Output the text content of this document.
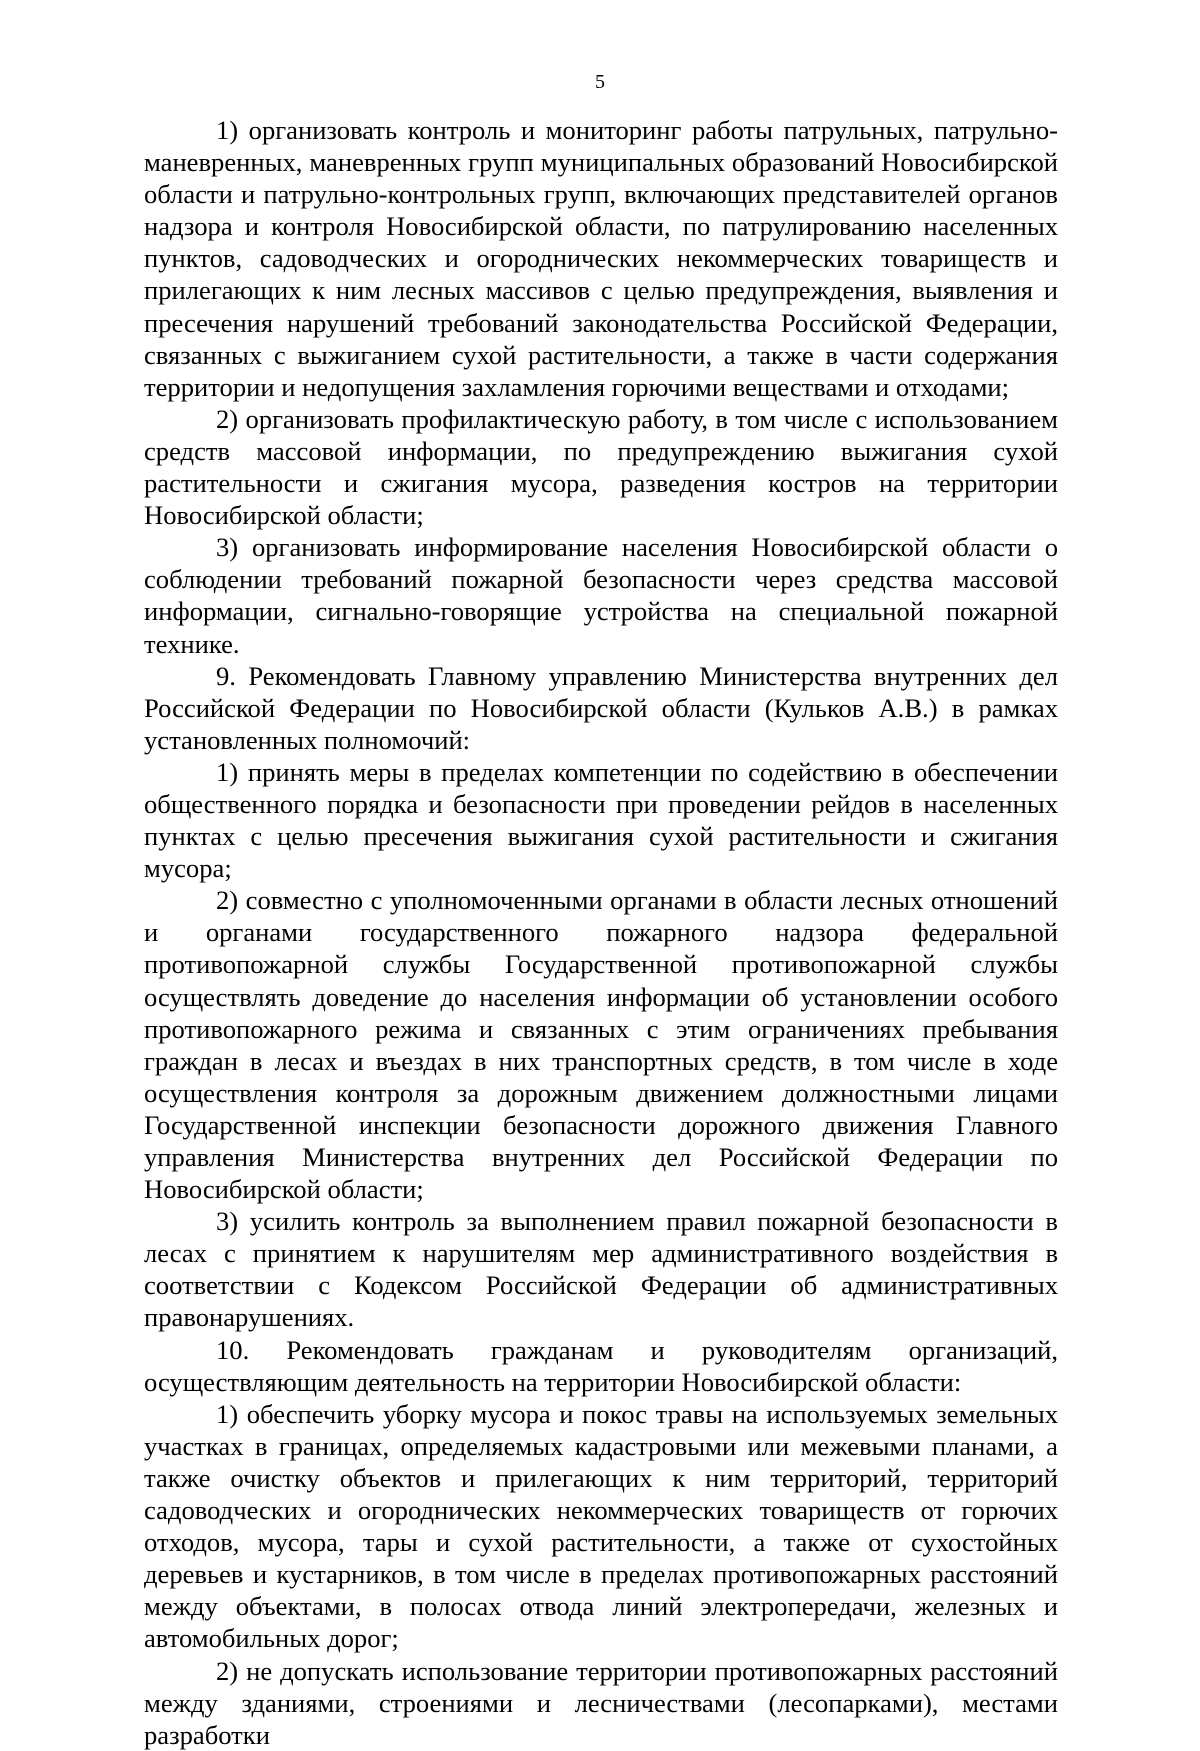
5

1) организовать контроль и мониторинг работы патрульных, патрульно-маневренных, маневренных групп муниципальных образований Новосибирской области и патрульно-контрольных групп, включающих представителей органов надзора и контроля Новосибирской области, по патрулированию населенных пунктов, садоводческих и огороднических некоммерческих товариществ и прилегающих к ним лесных массивов с целью предупреждения, выявления и пресечения нарушений требований законодательства Российской Федерации, связанных с выжиганием сухой растительности, а также в части содержания территории и недопущения захламления горючими веществами и отходами;

2) организовать профилактическую работу, в том числе с использованием средств массовой информации, по предупреждению выжигания сухой растительности и сжигания мусора, разведения костров на территории Новосибирской области;

3) организовать информирование населения Новосибирской области о соблюдении требований пожарной безопасности через средства массовой информации, сигнально-говорящие устройства на специальной пожарной технике.

9. Рекомендовать Главному управлению Министерства внутренних дел Российской Федерации по Новосибирской области (Кульков А.В.) в рамках установленных полномочий:

1) принять меры в пределах компетенции по содействию в обеспечении общественного порядка и безопасности при проведении рейдов в населенных пунктах с целью пресечения выжигания сухой растительности и сжигания мусора;

2) совместно с уполномоченными органами в области лесных отношений и органами государственного пожарного надзора федеральной противопожарной службы Государственной противопожарной службы осуществлять доведение до населения информации об установлении особого противопожарного режима и связанных с этим ограничениях пребывания граждан в лесах и въездах в них транспортных средств, в том числе в ходе осуществления контроля за дорожным движением должностными лицами Государственной инспекции безопасности дорожного движения Главного управления Министерства внутренних дел Российской Федерации по Новосибирской области;

3) усилить контроль за выполнением правил пожарной безопасности в лесах с принятием к нарушителям мер административного воздействия в соответствии с Кодексом Российской Федерации об административных правонарушениях.

10. Рекомендовать гражданам и руководителям организаций, осуществляющим деятельность на территории Новосибирской области:

1) обеспечить уборку мусора и покос травы на используемых земельных участках в границах, определяемых кадастровыми или межевыми планами, а также очистку объектов и прилегающих к ним территорий, территорий садоводческих и огороднических некоммерческих товариществ от горючих отходов, мусора, тары и сухой растительности, а также от сухостойных деревьев и кустарников, в том числе в пределах противопожарных расстояний между объектами, в полосах отвода линий электропередачи, железных и автомобильных дорог;

2) не допускать использование территории противопожарных расстояний между зданиями, строениями и лесничествами (лесопарками), местами разработки
